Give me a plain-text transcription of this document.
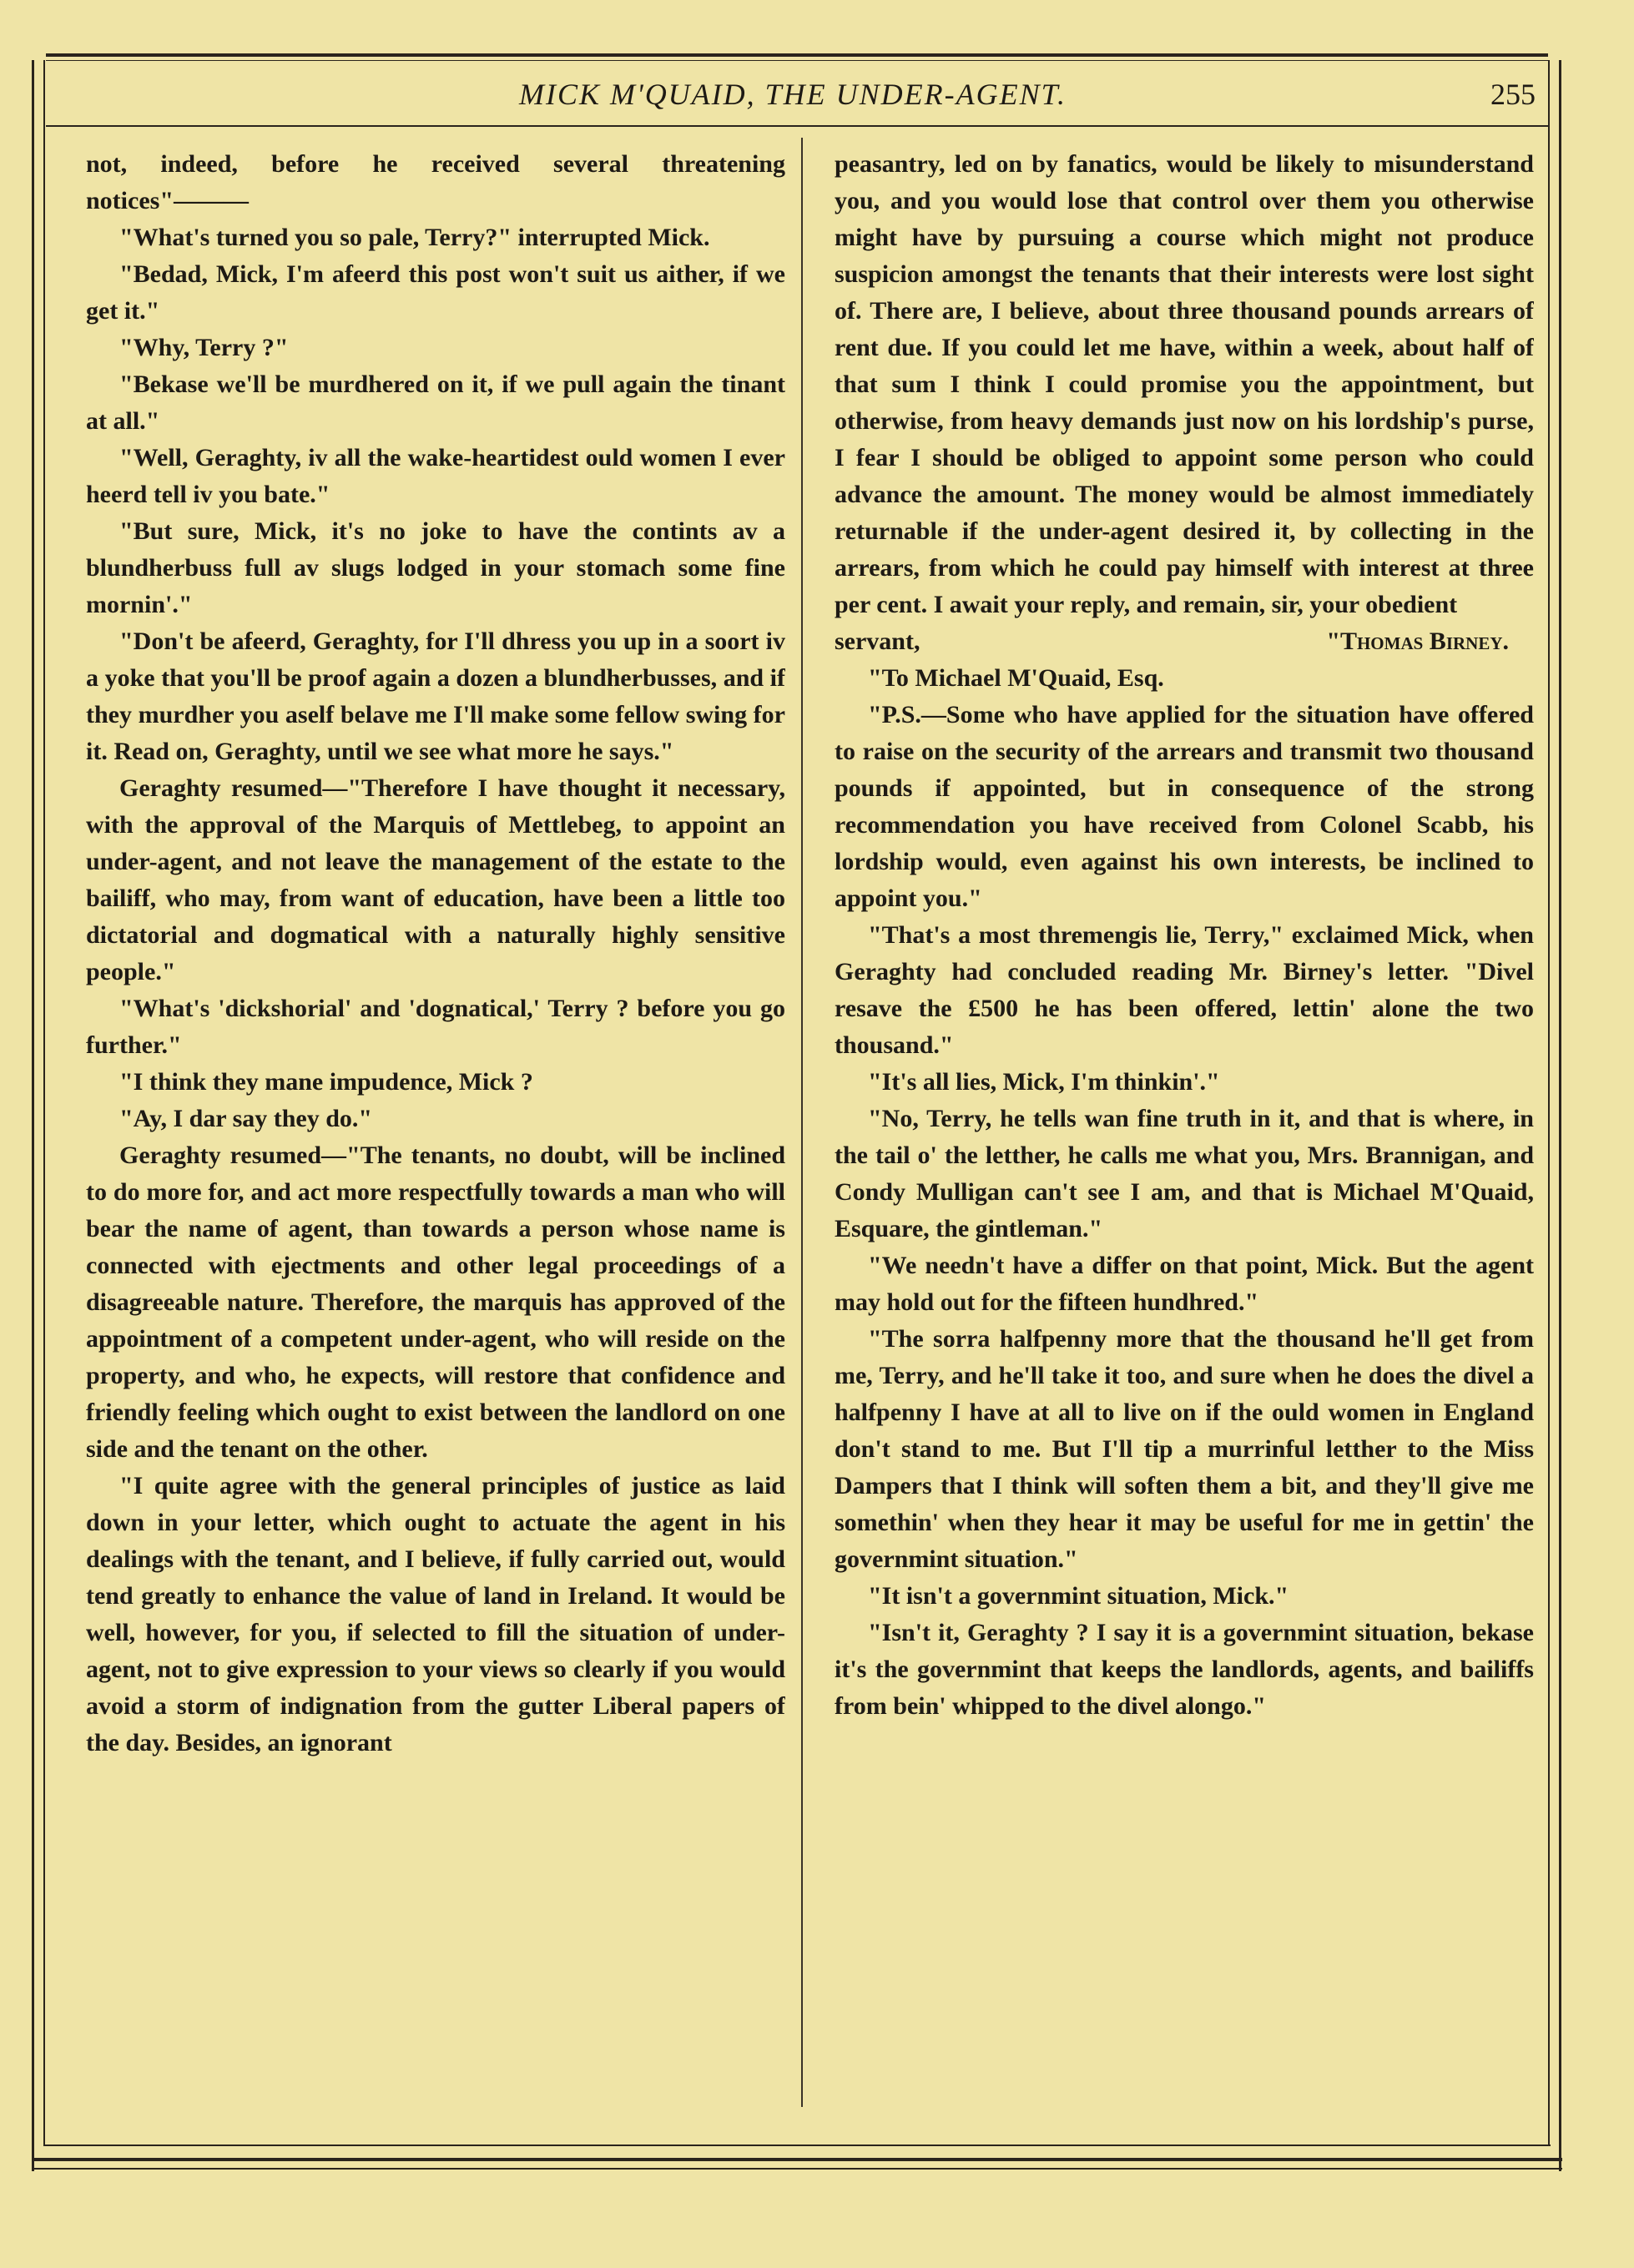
MICK M'QUAID, THE UNDER-AGENT.	255

not, indeed, before he received several threatening notices"———

"What's turned you so pale, Terry?" interrupted Mick.

"Bedad, Mick, I'm afeerd this post won't suit us aither, if we get it."

"Why, Terry ?"

"Bekase we'll be murdhered on it, if we pull again the tinant at all."

"Well, Geraghty, iv all the wake-heartidest ould women I ever heerd tell iv you bate."

"But sure, Mick, it's no joke to have the contints av a blundherbuss full av slugs lodged in your stomach some fine mornin'."

"Don't be afeerd, Geraghty, for I'll dhress you up in a soort iv a yoke that you'll be proof again a dozen a blundherbusses, and if they murdher you aself belave me I'll make some fellow swing for it. Read on, Geraghty, until we see what more he says."

Geraghty resumed—"Therefore I have thought it necessary, with the approval of the Marquis of Mettlebeg, to appoint an under-agent, and not leave the management of the estate to the bailiff, who may, from want of education, have been a little too dictatorial and dogmatical with a naturally highly sensitive people."

"What's 'dickshorial' and 'dognatical,' Terry ? before you go further."

"I think they mane impudence, Mick ?

"Ay, I dar say they do."

Geraghty resumed—"The tenants, no doubt, will be inclined to do more for, and act more respectfully towards a man who will bear the name of agent, than towards a person whose name is connected with ejectments and other legal proceedings of a disagreeable nature. Therefore, the marquis has approved of the appointment of a competent under-agent, who will reside on the property, and who, he expects, will restore that confidence and friendly feeling which ought to exist between the landlord on one side and the tenant on the other.

"I quite agree with the general principles of justice as laid down in your letter, which ought to actuate the agent in his dealings with the tenant, and I believe, if fully carried out, would tend greatly to enhance the value of land in Ireland. It would be well, however, for you, if selected to fill the situation of under-agent, not to give expression to your views so clearly if you would avoid a storm of indignation from the gutter Liberal papers of the day. Besides, an ignorant

peasantry, led on by fanatics, would be likely to misunderstand you, and you would lose that control over them you otherwise might have by pursuing a course which might not produce suspicion amongst the tenants that their interests were lost sight of. There are, I believe, about three thousand pounds arrears of rent due. If you could let me have, within a week, about half of that sum I think I could promise you the appointment, but otherwise, from heavy demands just now on his lordship's purse, I fear I should be obliged to appoint some person who could advance the amount. The money would be almost immediately returnable if the under-agent desired it, by collecting in the arrears, from which he could pay himself with interest at three per cent. I await your reply, and remain, sir, your obedient

servant,	"Thomas Birney.

"To Michael M'Quaid, Esq.

"P.S.—Some who have applied for the situation have offered to raise on the security of the arrears and transmit two thousand pounds if appointed, but in consequence of the strong recommendation you have received from Colonel Scabb, his lordship would, even against his own interests, be inclined to appoint you."

"That's a most thremengis lie, Terry," exclaimed Mick, when Geraghty had concluded reading Mr. Birney's letter. "Divel resave the £500 he has been offered, lettin' alone the two thousand."

"It's all lies, Mick, I'm thinkin'."

"No, Terry, he tells wan fine truth in it, and that is where, in the tail o' the letther, he calls me what you, Mrs. Brannigan, and Condy Mulligan can't see I am, and that is Michael M'Quaid, Esquare, the gintleman."

"We needn't have a differ on that point, Mick. But the agent may hold out for the fifteen hundhred."

"The sorra halfpenny more that the thousand he'll get from me, Terry, and he'll take it too, and sure when he does the divel a halfpenny I have at all to live on if the ould women in England don't stand to me. But I'll tip a murrinful letther to the Miss Dampers that I think will soften them a bit, and they'll give me somethin' when they hear it may be useful for me in gettin' the governmint situation."

"It isn't a governmint situation, Mick."

"Isn't it, Geraghty ? I say it is a governmint situation, bekase it's the governmint that keeps the landlords, agents, and bailiffs from bein' whipped to the divel alongo."
